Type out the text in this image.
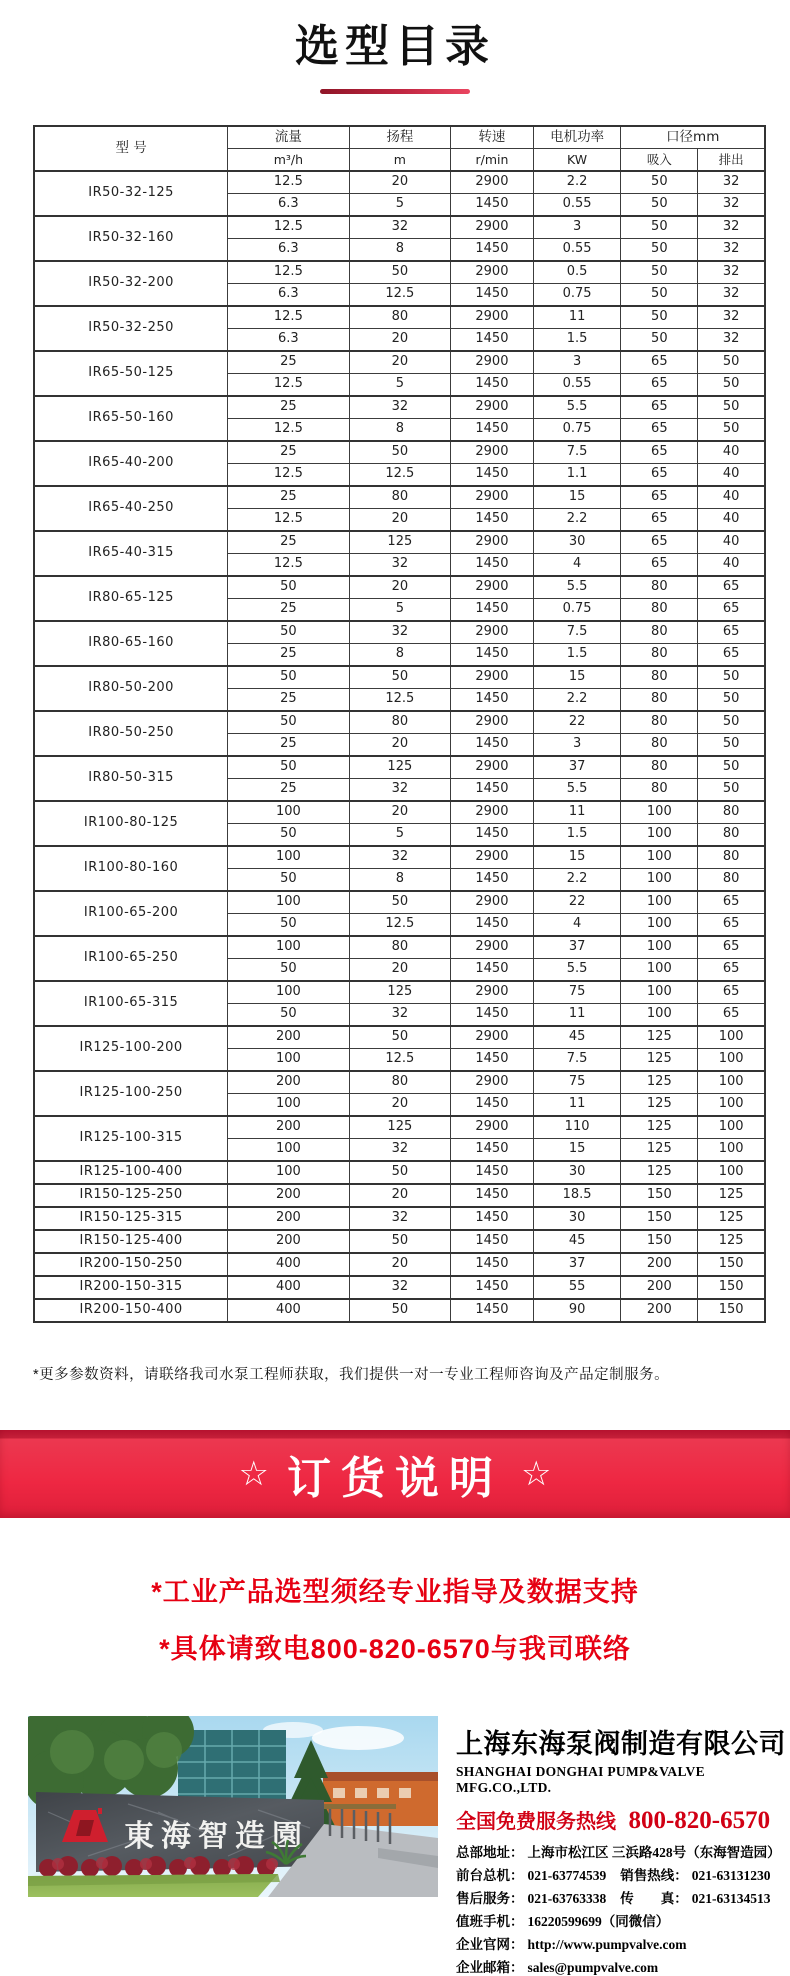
选型目录
型 号	流量	扬程	转速	电机功率	口径mm	
	m³/h	m	r/min	KW	吸入	排出
IR50-32-125	12.5	20	2900	2.2	50	32
	6.3	5	1450	0.55	50	32
IR50-32-160	12.5	32	2900	3	50	32
	6.3	8	1450	0.55	50	32
IR50-32-200	12.5	50	2900	0.5	50	32
	6.3	12.5	1450	0.75	50	32
IR50-32-250	12.5	80	2900	11	50	32
	6.3	20	1450	1.5	50	32
IR65-50-125	25	20	2900	3	65	50
	12.5	5	1450	0.55	65	50
IR65-50-160	25	32	2900	5.5	65	50
	12.5	8	1450	0.75	65	50
IR65-40-200	25	50	2900	7.5	65	40
	12.5	12.5	1450	1.1	65	40
IR65-40-250	25	80	2900	15	65	40
	12.5	20	1450	2.2	65	40
IR65-40-315	25	125	2900	30	65	40
	12.5	32	1450	4	65	40
IR80-65-125	50	20	2900	5.5	80	65
	25	5	1450	0.75	80	65
IR80-65-160	50	32	2900	7.5	80	65
	25	8	1450	1.5	80	65
IR80-50-200	50	50	2900	15	80	50
	25	12.5	1450	2.2	80	50
IR80-50-250	50	80	2900	22	80	50
	25	20	1450	3	80	50
IR80-50-315	50	125	2900	37	80	50
	25	32	1450	5.5	80	50
IR100-80-125	100	20	2900	11	100	80
	50	5	1450	1.5	100	80
IR100-80-160	100	32	2900	15	100	80
	50	8	1450	2.2	100	80
IR100-65-200	100	50	2900	22	100	65
	50	12.5	1450	4	100	65
IR100-65-250	100	80	2900	37	100	65
	50	20	1450	5.5	100	65
IR100-65-315	100	125	2900	75	100	65
	50	32	1450	11	100	65
IR125-100-200	200	50	2900	45	125	100
	100	12.5	1450	7.5	125	100
IR125-100-250	200	80	2900	75	125	100
	100	20	1450	11	125	100
IR125-100-315	200	125	2900	110	125	100
	100	32	1450	15	125	100
IR125-100-400	100	50	1450	30	125	100
IR150-125-250	200	20	1450	18.5	150	125
IR150-125-315	200	32	1450	30	150	125
IR150-125-400	200	50	1450	45	150	125
IR200-150-250	400	20	1450	37	200	150
IR200-150-315	400	32	1450	55	200	150
IR200-150-400	400	50	1450	90	200	150
*更多参数资料，请联络我司水泵工程师获取，我们提供一对一专业工程师咨询及产品定制服务。
☆ 订货说明 ☆
*工业产品选型须经专业指导及数据支持
*具体请致电800-820-6570与我司联络
東海智造園
上海东海泵阀制造有限公司
SHANGHAI DONGHAI PUMP&VALVE MFG.CO.,LTD.
全国免费服务热线 800-820-6570
总部地址： 上海市松江区 三浜路428号（东海智造园）
前台总机： 021-63774539 销售热线： 021-63131230
售后服务： 021-63763338 传　　真： 021-63134513
值班手机： 16220599699（同微信）
企业官网： http://www.pumpvalve.com
企业邮箱： sales@pumpvalve.com
